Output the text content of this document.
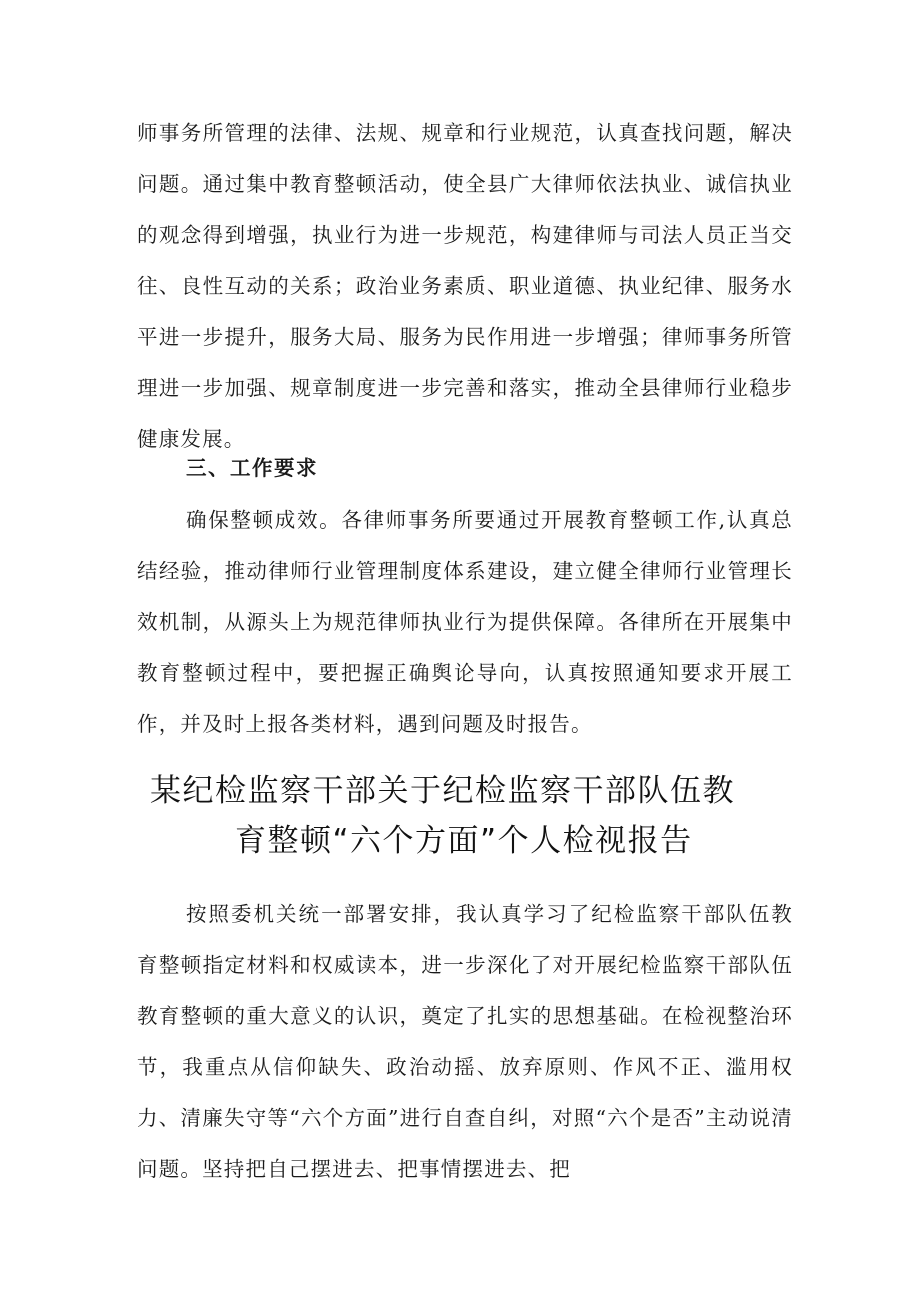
师事务所管理的法律、法规、规章和行业规范，认真查找问题，解决问题。通过集中教育整顿活动，使全县广大律师依法执业、诚信执业的观念得到增强，执业行为进一步规范，构建律师与司法人员正当交往、良性互动的关系；政治业务素质、职业道德、执业纪律、服务水平进一步提升，服务大局、服务为民作用进一步增强；律师事务所管理进一步加强、规章制度进一步完善和落实，推动全县律师行业稳步健康发展。

三、工作要求

确保整顿成效。各律师事务所要通过开展教育整顿工作,认真总结经验，推动律师行业管理制度体系建设，建立健全律师行业管理长效机制，从源头上为规范律师执业行为提供保障。各律所在开展集中教育整顿过程中，要把握正确舆论导向，认真按照通知要求开展工作，并及时上报各类材料，遇到问题及时报告。

某纪检监察干部关于纪检监察干部队伍教
育整顿“六个方面”个人检视报告

按照委机关统一部署安排，我认真学习了纪检监察干部队伍教育整顿指定材料和权威读本，进一步深化了对开展纪检监察干部队伍教育整顿的重大意义的认识，奠定了扎实的思想基础。在检视整治环节，我重点从信仰缺失、政治动摇、放弃原则、作风不正、滥用权力、清廉失守等“六个方面”进行自查自纠，对照“六个是否”主动说清问题。坚持把自己摆进去、把事情摆进去、把
